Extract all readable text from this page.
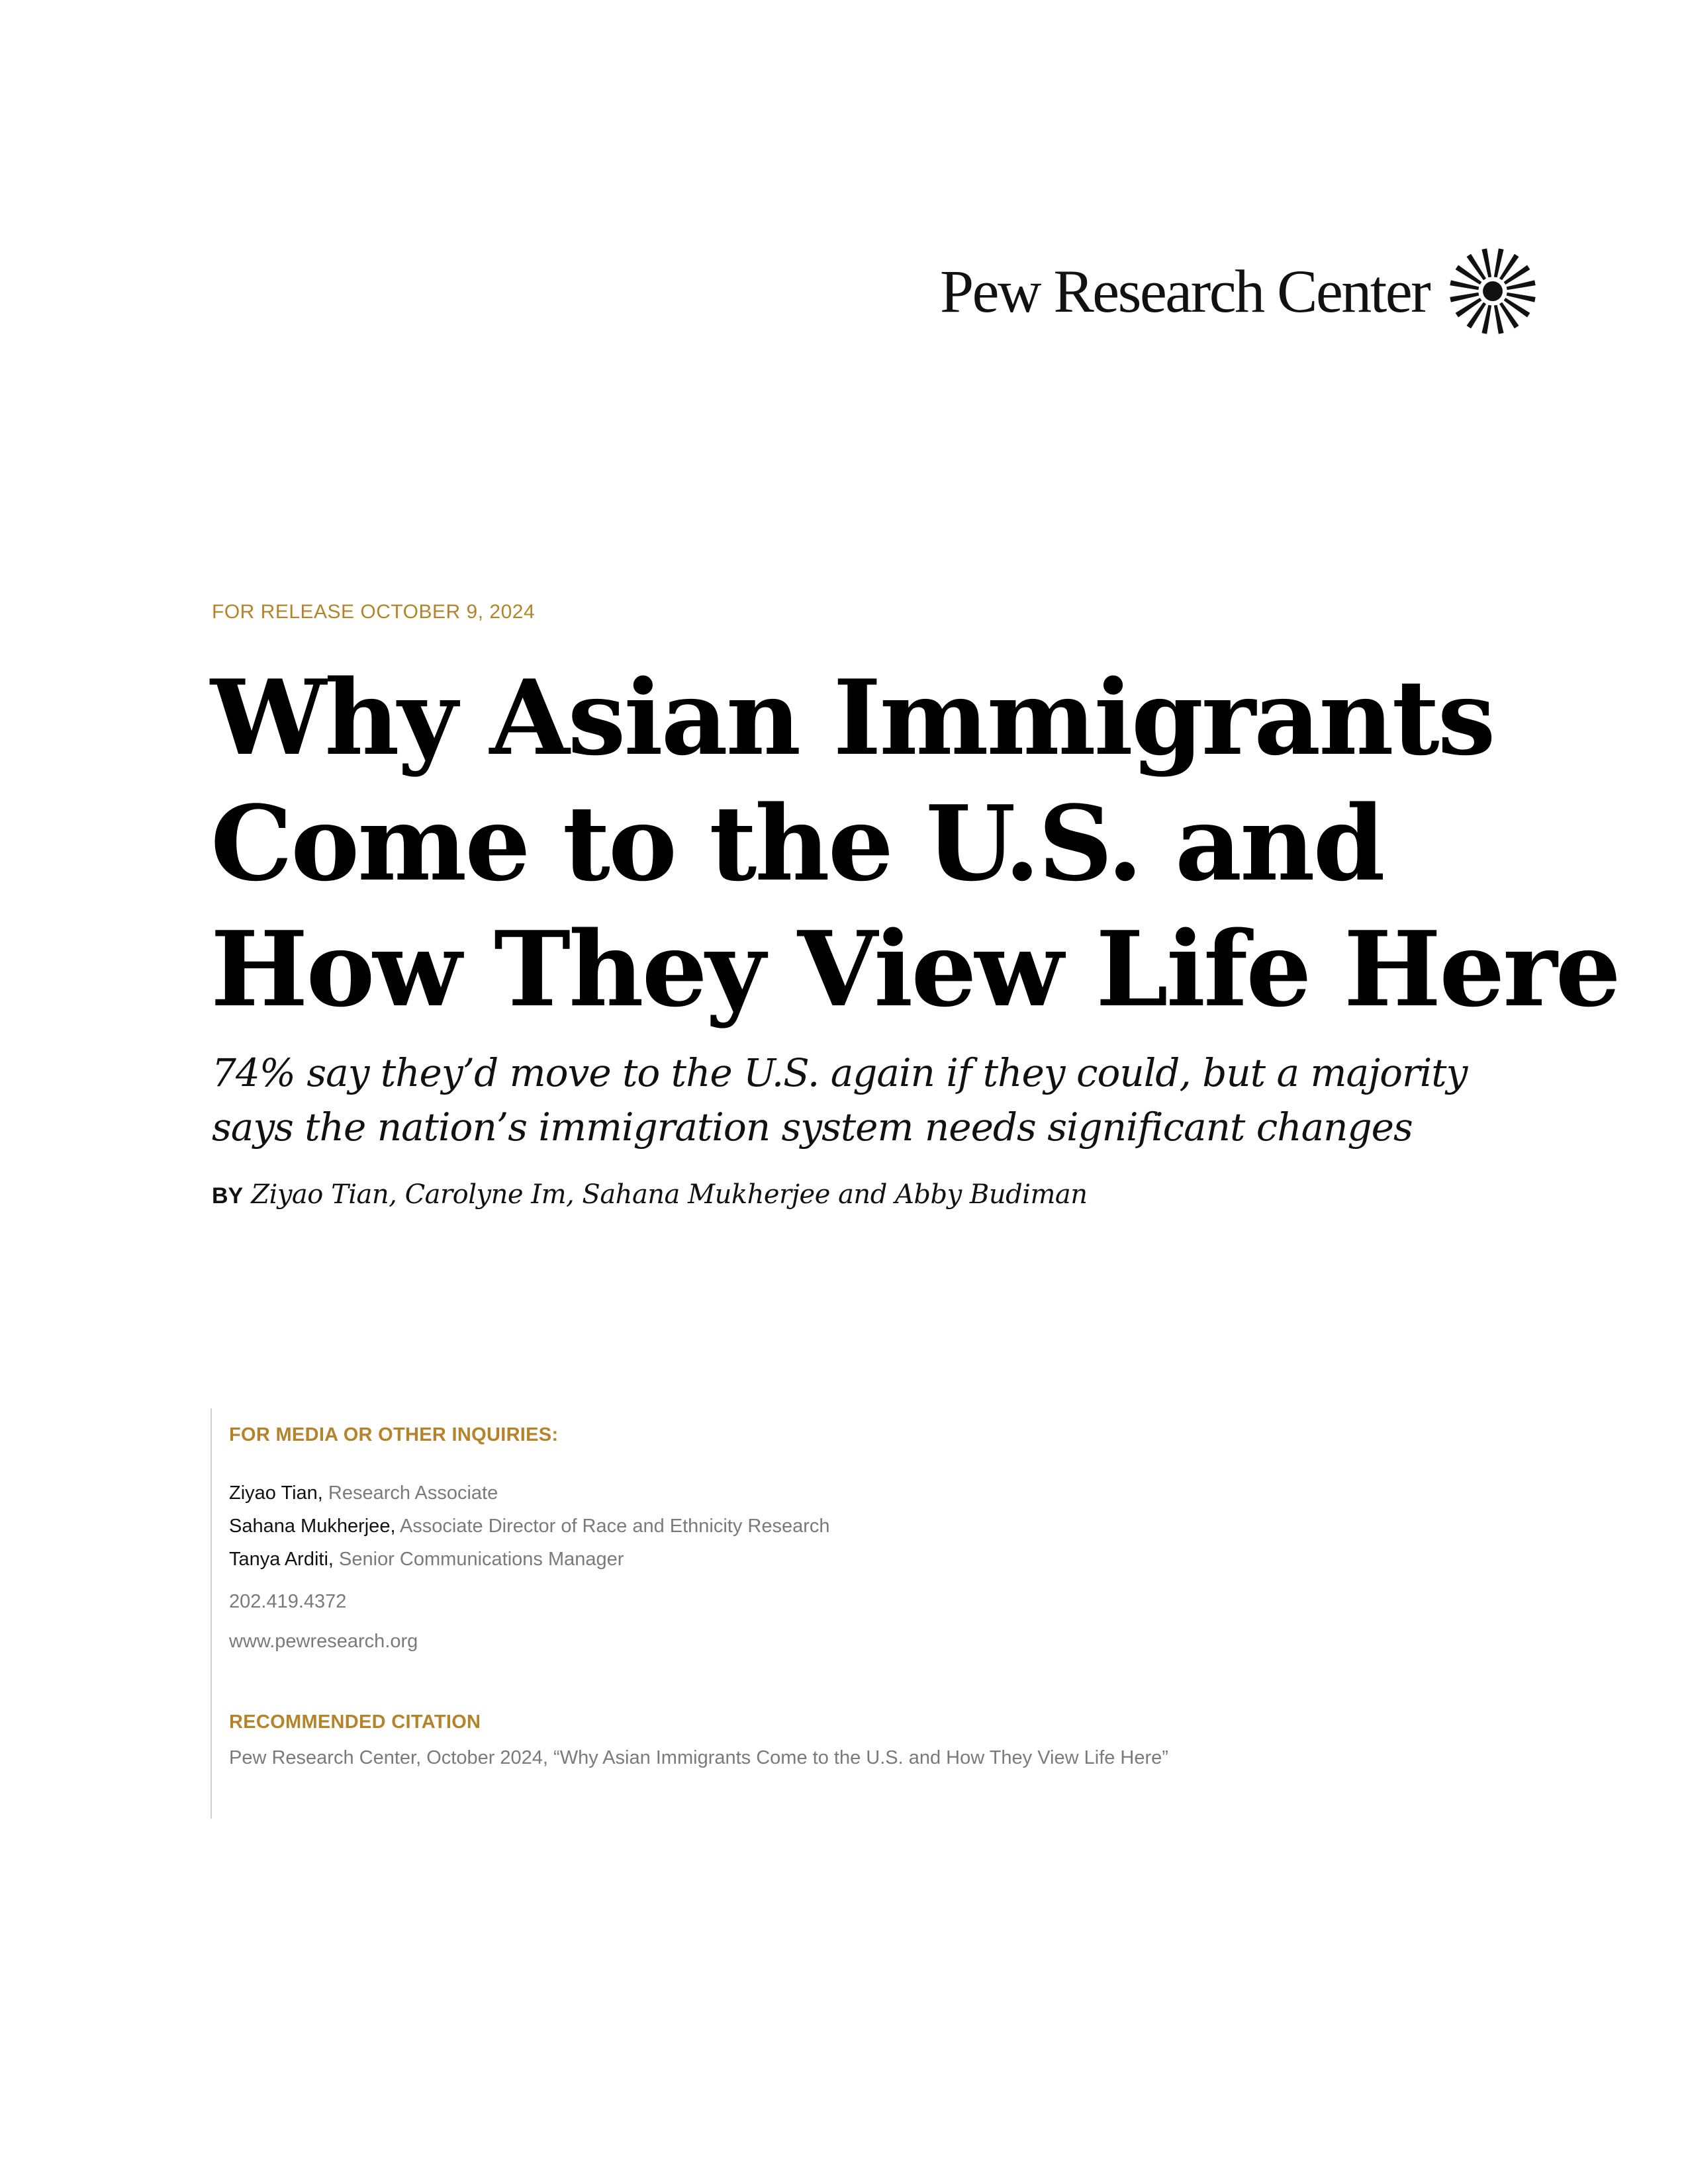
Pew Research Center
FOR RELEASE OCTOBER 9, 2024
Why Asian Immigrants
Come to the U.S. and
How They View Life Here
74% say they’d move to the U.S. again if they could, but a majority
says the nation’s immigration system needs significant changes
BY Ziyao Tian, Carolyne Im, Sahana Mukherjee and Abby Budiman
FOR MEDIA OR OTHER INQUIRIES:
Ziyao Tian, Research Associate
Sahana Mukherjee, Associate Director of Race and Ethnicity Research
Tanya Arditi, Senior Communications Manager
202.419.4372
www.pewresearch.org
RECOMMENDED CITATION
Pew Research Center, October 2024, “Why Asian Immigrants Come to the U.S. and How They View Life Here”
